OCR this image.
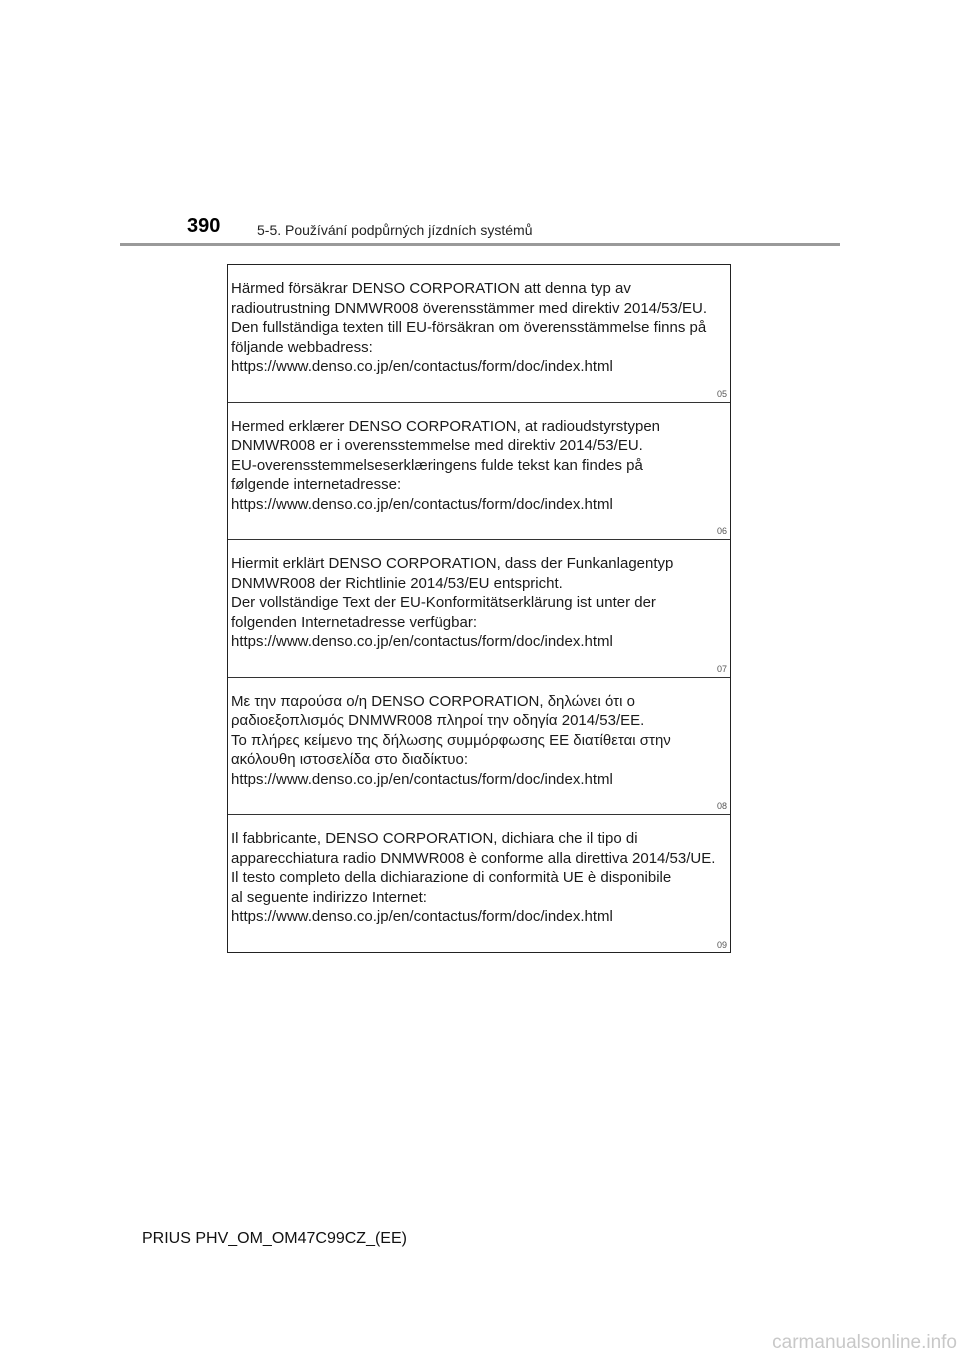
390	5-5. Používání podpůrných jízdních systémů
Härmed försäkrar DENSO CORPORATION att denna typ av
radioutrustning DNMWR008 överensstämmer med direktiv 2014/53/EU.
Den fullständiga texten till EU-försäkran om överensstämmelse finns på
följande webbadress:
https://www.denso.co.jp/en/contactus/form/doc/index.html
05
Hermed erklærer DENSO CORPORATION, at radioudstyrstypen
DNMWR008 er i overensstemmelse med direktiv 2014/53/EU.
EU-overensstemmelseserklæringens fulde tekst kan findes på
følgende internetadresse:
https://www.denso.co.jp/en/contactus/form/doc/index.html
06
Hiermit erklärt DENSO CORPORATION, dass der Funkanlagentyp
DNMWR008 der Richtlinie 2014/53/EU entspricht.
Der vollständige Text der EU-Konformitätserklärung ist unter der
folgenden Internetadresse verfügbar:
https://www.denso.co.jp/en/contactus/form/doc/index.html
07
Με την παρούσα ο/η DENSO CORPORATION, δηλώνει ότι ο
ραδιοεξοπλισμός DNMWR008 πληροί την οδηγία 2014/53/ΕΕ.
Το πλήρες κείμενο της δήλωσης συμμόρφωσης ΕΕ διατίθεται στην
ακόλουθη ιστοσελίδα στο διαδίκτυο:
https://www.denso.co.jp/en/contactus/form/doc/index.html
08
Il fabbricante, DENSO CORPORATION, dichiara che il tipo di
apparecchiatura radio DNMWR008 è conforme alla direttiva 2014/53/UE.
Il testo completo della dichiarazione di conformità UE è disponibile
al seguente indirizzo Internet:
https://www.denso.co.jp/en/contactus/form/doc/index.html
09
PRIUS PHV_OM_OM47C99CZ_(EE)
carmanualsonline.info
